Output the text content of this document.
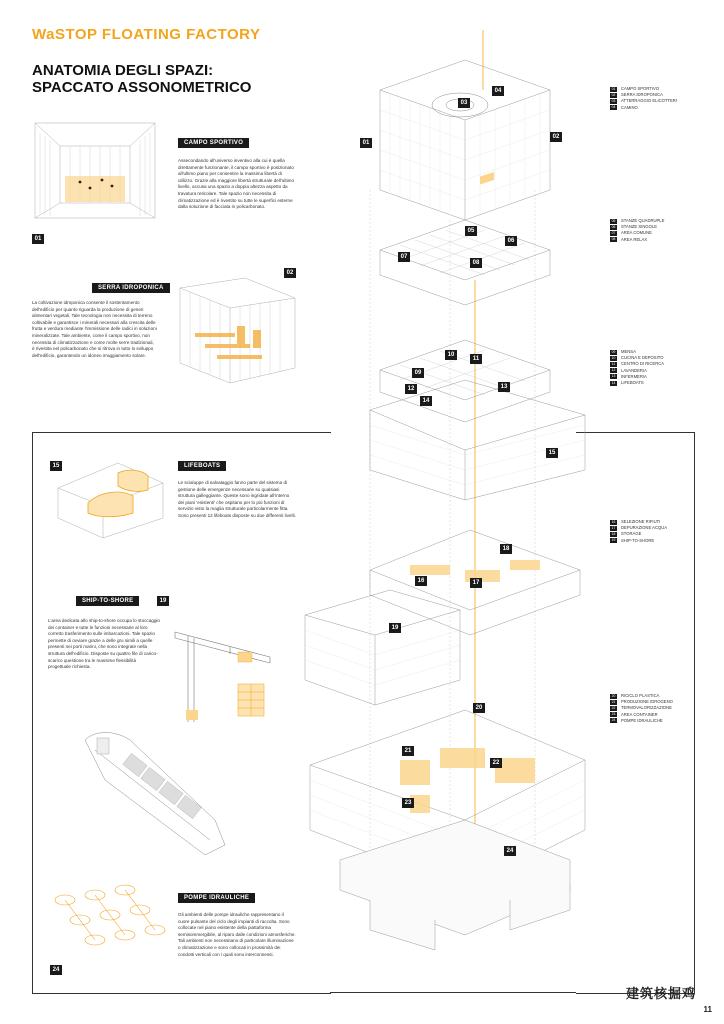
WaSTOP FLOATING FACTORY
ANATOMIA DEGLI SPAZI:
SPACCATO ASSONOMETRICO
01
CAMPO SPORTIVO
Assecondando all'universo inventivo alla cui è quella direttamente funzionante, il campo sportivo è posizionato all'ultimo piano per consentire la massima libertà di utilizzo. Grazie alla maggiore libertà strutturale dell'ultimo livello, accusa una spazio a doppia altezza aspetto da travatura reticolare. Tale spazio non necessita di climatizzazione ed è rivestito su tutte le superfici esterne dalla soluzione di facciata in policarbonato.
SERRA IDROPONICA
02
La coltivazione idroponica consente il sostentamento dell'edificio per quanto riguarda la produzione di generi alimentari vegetali. Tale tecnologia non necessita di terreno coltivabile e garantisce i minerali necessari alla crescita delle frutta e verdura mediante l'immissione delle radici in soluzioni mineralizzate. Tale ambiente, come il campo sportivo, non necessita di climatizzazione e come molte serre tradizionali, è rivestita nel policarbonato che si ritrova in tutto lo sviluppo dell'edificio, garantendo un idoneo irraggiamento solare.
15	LIFEBOATS
Le scialuppe di salvataggio fanno parte del sistema di gestione delle emergenze necessarie su qualsiasi struttura galleggiante. Queste sono ingridate all'interno dei piani 'esistenti' che ospitano per lo più funzioni di servizio visto la maglia strutturale particolarmente fitta. Sono presenti 12 lifeboats disposte su due differenti livelli.
SHIP-TO-SHORE	19
L'area dedicata allo ship-to-shore occupa lo stoccaggio dei container e tutte le funzioni necessarie al loro corretto trasferimento sulle imbarcazioni. Tale spazio permette di ovviare grazie a delle gru simili a quelle presenti nei porti marini, che sono integrate nella struttura dell'edificio. Disposte su quattro file di carico-scarico questione tra le massime flessibilità progettuale richiesta.
24
POMPE IDRAULICHE
Gli ambienti delle pompe idrauliche rappresentano il cuore pulsante del ciclo degli impianti di raccolta. Sono collocate nel piano esistente della piattaforma semisommergibile, al riparo dalle condizioni atmosferiche. Tali ambienti non necessitano di particolare illuminazione o climatizzazione e sono collocati in prossimità dei condotti verticali con i quali sono interconnessi.
01
02
03
04
07
08
05
06
09
10
11
12	13
14
15
16	17
18
19
20
21
22
23
24
01	CAMPO SPORTIVO
02	SERRA IDROPONICA
03	ATTERRAGGIO ELICOTTERI
04	CAMINO
05	STANZE QUADRUPLE
06	STANZE SINGOLE
07	AREA COMUNE
08	AREA RELAX
09	MENSA
10	CUCINA E DEPOSITO
11	CENTRO DI RICERCA
12	LAVANDERIA
13	INFERMERIA
14	LIFEBOATS
16	SELEZIONE RIFIUTI
17	DEPURAZIONE ACQUA
18	STORAGE
19	SHIP-TO-SHORE
20	RICICLO PLASTICA
21	PRODUZIONE IDROGENO
22	TERMOVALORIZZAZIONE
23	AREA CONTAINER
24	POMPE IDRAULICHE
建筑核掘鸡
11
